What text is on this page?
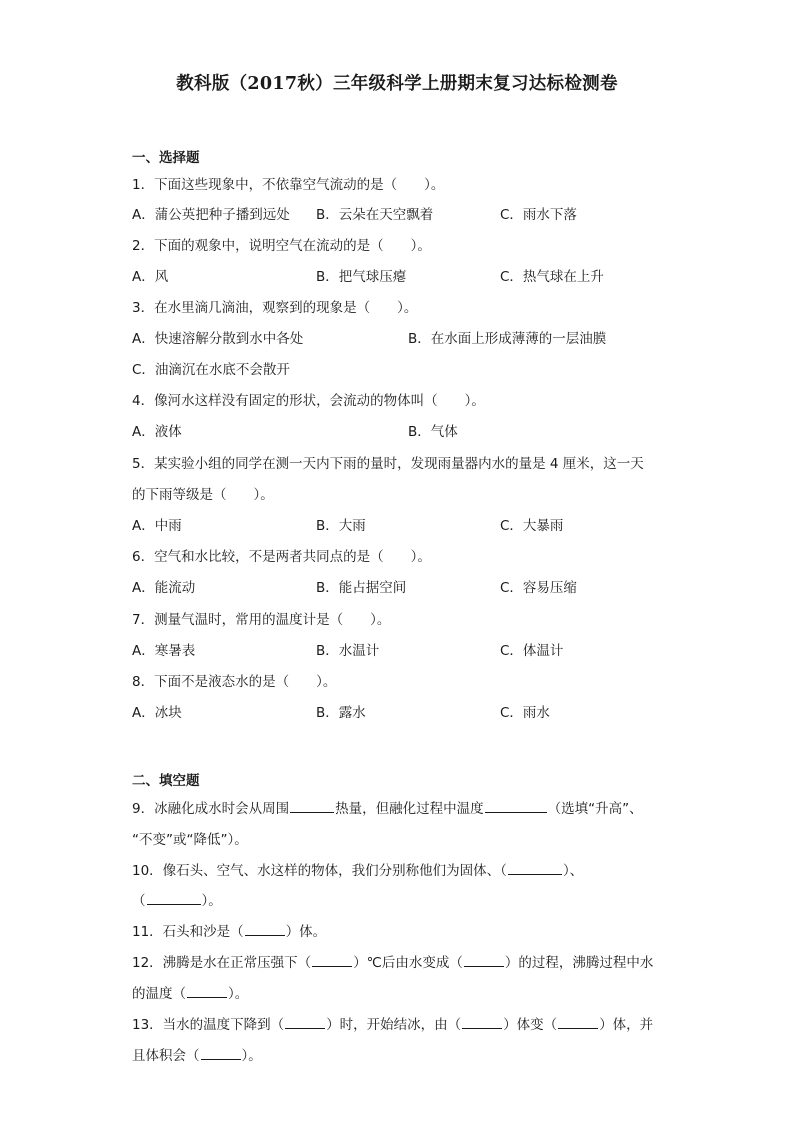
教科版（2017秋）三年级科学上册期末复习达标检测卷
一、选择题
1．下面这些现象中，不依靠空气流动的是（　　）。
A．蒲公英把种子播到远处 B．云朵在天空飘着	C．雨水下落
2．下面的观象中，说明空气在流动的是（　　）。
A．风	B．把气球压瘪	C．热气球在上升
3．在水里滴几滴油，观察到的现象是（　　）。
A．快速溶解分散到水中各处	B．在水面上形成薄薄的一层油膜
C．油滴沉在水底不会散开
4．像河水这样没有固定的形状，会流动的物体叫（　　）。
A．液体	B．气体
5．某实验小组的同学在测一天内下雨的量时，发现雨量器内水的量是 4 厘米，这一天
的下雨等级是（　　）。
A．中雨	B．大雨	C．大暴雨
6．空气和水比较，不是两者共同点的是（　　）。
A．能流动	B．能占据空间	C．容易压缩
7．测量气温时，常用的温度计是（　　）。
A．寒暑表	B．水温计	C．体温计
8．下面不是液态水的是（　　）。
A．冰块	B．露水	C．雨水
二、填空题
9．冰融化成水时会从周围	热量，但融化过程中温度	（选填“升高”、
“不变”或“降低”）。
10．像石头、空气、水这样的物体，我们分别称他们为固体、（	）、
（	）。
11．石头和沙是（	）体。
12．沸腾是水在正常压强下（	）℃后由水变成（	）的过程，沸腾过程中水
的温度（	）。
13．当水的温度下降到（	）时，开始结冰，由（	）体变（	）体，并
且体积会（	）。
